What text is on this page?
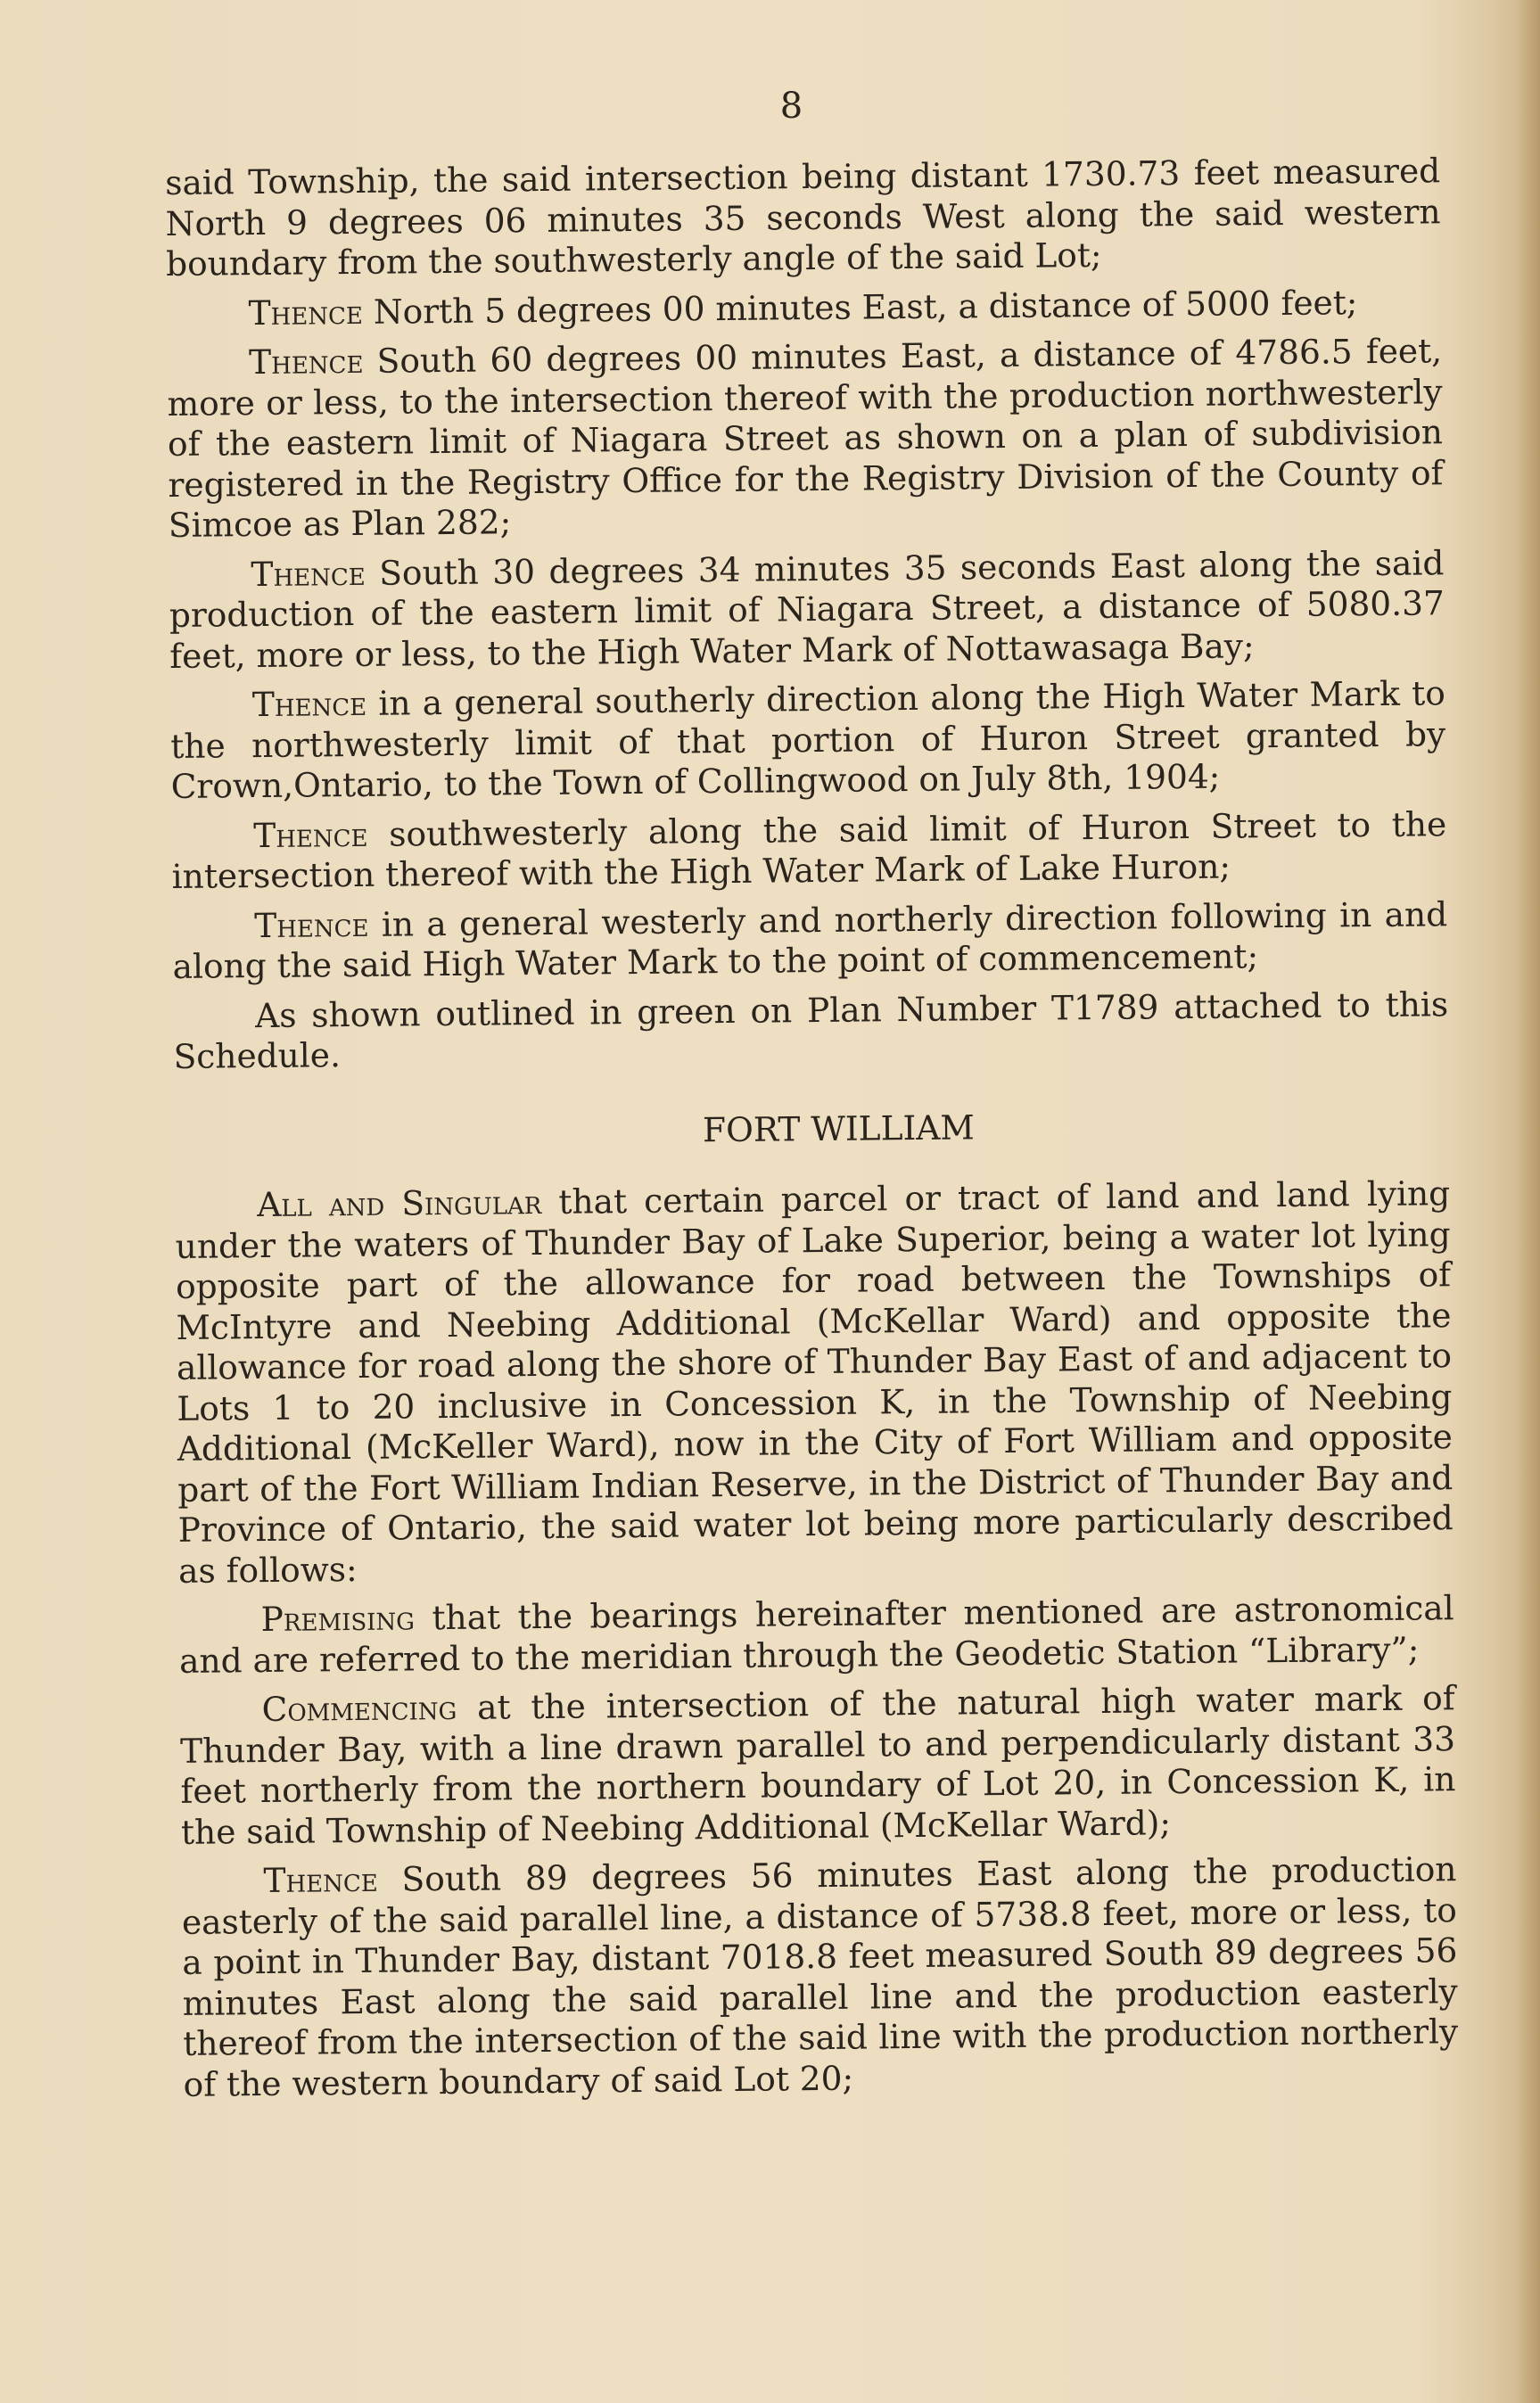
8

said Township, the said intersection being distant 1730.73 feet measured North 9 degrees 06 minutes 35 seconds West along the said western boundary from the southwesterly angle of the said Lot;

Thence North 5 degrees 00 minutes East, a distance of 5000 feet;

Thence South 60 degrees 00 minutes East, a distance of 4786.5 feet, more or less, to the intersection thereof with the production northwesterly of the eastern limit of Niagara Street as shown on a plan of subdivision registered in the Registry Office for the Registry Division of the County of Simcoe as Plan 282;

Thence South 30 degrees 34 minutes 35 seconds East along the said production of the eastern limit of Niagara Street, a distance of 5080.37 feet, more or less, to the High Water Mark of Nottawasaga Bay;

Thence in a general southerly direction along the High Water Mark to the northwesterly limit of that portion of Huron Street granted by Crown,Ontario, to the Town of Collingwood on July 8th, 1904;

Thence southwesterly along the said limit of Huron Street to the intersection thereof with the High Water Mark of Lake Huron;

Thence in a general westerly and northerly direction following in and along the said High Water Mark to the point of commencement;

As shown outlined in green on Plan Number T1789 attached to this Schedule.

FORT WILLIAM

All and Singular that certain parcel or tract of land and land lying under the waters of Thunder Bay of Lake Superior, being a water lot lying opposite part of the allowance for road between the Townships of McIntyre and Neebing Additional (McKellar Ward) and opposite the allowance for road along the shore of Thunder Bay East of and adjacent to Lots 1 to 20 inclusive in Concession K, in the Township of Neebing Additional (McKeller Ward), now in the City of Fort William and opposite part of the Fort William Indian Reserve, in the District of Thunder Bay and Province of Ontario, the said water lot being more particularly described as follows:

Premising that the bearings hereinafter mentioned are astronomical and are referred to the meridian through the Geodetic Station “Library”;

Commencing at the intersection of the natural high water mark of Thunder Bay, with a line drawn parallel to and perpendicularly distant 33 feet northerly from the northern boundary of Lot 20, in Concession K, in the said Township of Neebing Additional (McKellar Ward);

Thence South 89 degrees 56 minutes East along the production easterly of the said parallel line, a distance of 5738.8 feet, more or less, to a point in Thunder Bay, distant 7018.8 feet measured South 89 degrees 56 minutes East along the said parallel line and the production easterly thereof from the intersection of the said line with the production northerly of the western boundary of said Lot 20;
